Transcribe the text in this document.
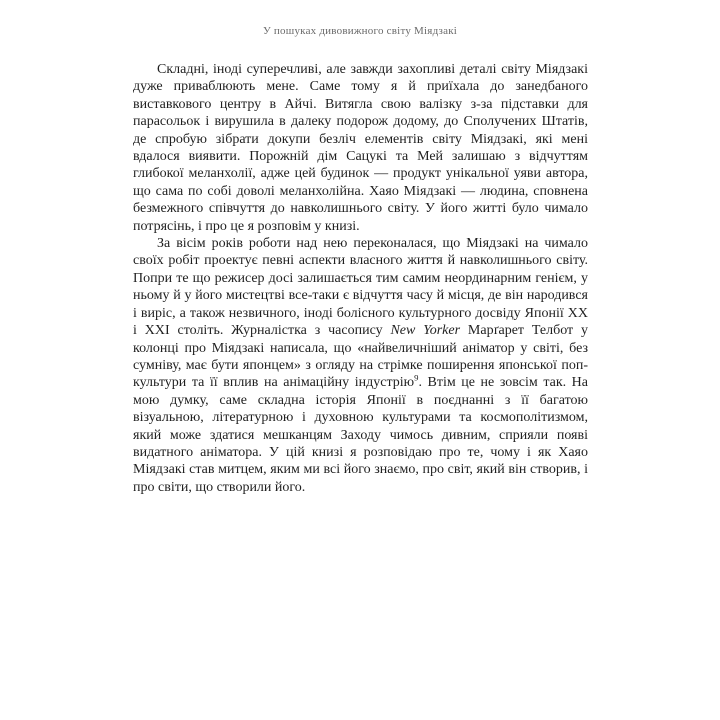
У пошуках дивовижного світу Міядзакі

Складні, іноді суперечливі, але завжди захопливі деталі світу Міядзакі дуже приваблюють мене. Саме тому я й приїхала до занедбаного виставкового центру в Айчі. Витягла свою валізку з-за підставки для парасольок і вирушила в далеку подорож додому, до Сполучених Штатів, де спробую зібрати докупи безліч елементів світу Міядзакі, які мені вдалося виявити. Порожній дім Сацукі та Мей залишаю з відчуттям глибокої меланхолії, адже цей будинок — продукт унікальної уяви автора, що сама по собі доволі меланхолійна. Хаяо Міядзакі — людина, сповнена безмежного співчуття до навколишнього світу. У його житті було чимало потрясінь, і про це я розповім у книзі.

За вісім років роботи над нею переконалася, що Міядзакі на чимало своїх робіт проектує певні аспекти власного життя й навколишнього світу. Попри те що режисер досі залишається тим самим неординарним генієм, у ньому й у його мистецтві все-таки є відчуття часу й місця, де він народився і виріс, а також незвичного, іноді болісного культурного досвіду Японії XX і XXI століть. Журналістка з часопису New Yorker Марґарет Телбот у колонці про Міядзакі написала, що «найвеличніший аніматор у світі, без сумніву, має бути японцем» з огляду на стрімке поширення японської поп-культури та її вплив на анімаційну індустрію$^9$. Втім це не зовсім так. На мою думку, саме складна історія Японії в поєднанні з її багатою візуальною, літературною і духовною культурами та космополітизмом, який може здатися мешканцям Заходу чимось дивним, сприяли появі видатного аніматора. У цій книзі я розповідаю про те, чому і як Хаяо Міядзакі став митцем, яким ми всі його знаємо, про світ, який він створив, і про світи, що створили його.
